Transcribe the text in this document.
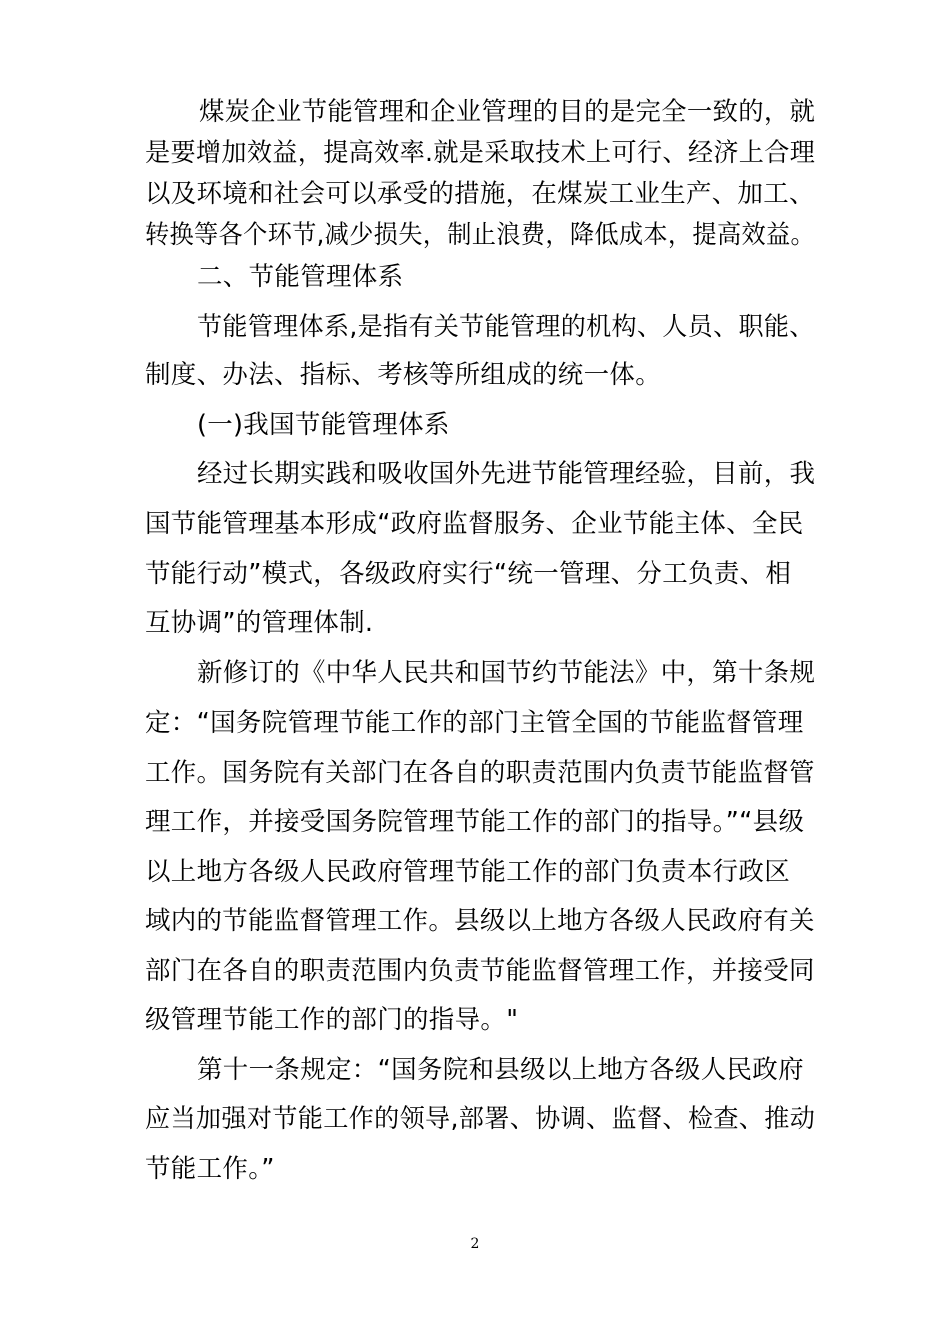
煤炭企业节能管理和企业管理的目的是完全一致的，就
是要增加效益，提高效率.就是采取技术上可行、经济上合理
以及环境和社会可以承受的措施，在煤炭工业生产、加工、
转换等各个环节,减少损失，制止浪费，降低成本，提高效益。
二、节能管理体系
节能管理体系,是指有关节能管理的机构、人员、职能、
制度、办法、指标、考核等所组成的统一体。
(一)我国节能管理体系
经过长期实践和吸收国外先进节能管理经验，目前，我
国节能管理基本形成“政府监督服务、企业节能主体、全民
节能行动”模式，各级政府实行“统一管理、分工负责、相
互协调”的管理体制.
新修订的《中华人民共和国节约节能法》中，第十条规
定：“国务院管理节能工作的部门主管全国的节能监督管理
工作。国务院有关部门在各自的职责范围内负责节能监督管
理工作，并接受国务院管理节能工作的部门的指导。”“县级
以上地方各级人民政府管理节能工作的部门负责本行政区
域内的节能监督管理工作。县级以上地方各级人民政府有关
部门在各自的职责范围内负责节能监督管理工作，并接受同
级管理节能工作的部门的指导。"
第十一条规定：“国务院和县级以上地方各级人民政府
应当加强对节能工作的领导,部署、协调、监督、检查、推动
节能工作。”
2
